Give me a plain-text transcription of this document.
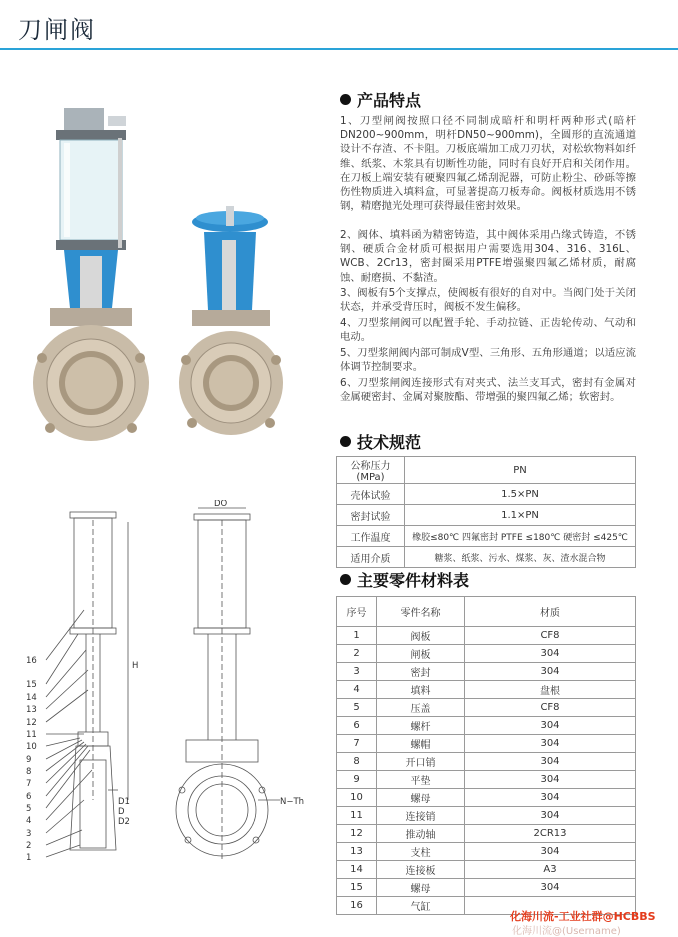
刀闸阀
16 15 14 13 12 11 10 9 8 7 6 5 4 3 2 1
DO
H
N−Th
D
D1
D2
产品特点
1、刀型闸阀按照口径不同制成暗杆和明杆两种形式(暗杆DN200~900mm，明杆DN50~900mm)，全圆形的直流通道设计不存渣、不卡阻。刀板底端加工成刀刃状，对松软物料如纤维、纸浆、木浆具有切断性功能，同时有良好开启和关闭作用。在刀板上端安装有硬聚四氟乙烯刮泥器，可防止粉尘、砂砾等擦伤性物质进入填料盒，可显著提高刀板寿命。阀板材质选用不锈钢，精磨抛光处理可获得最佳密封效果。
2、阀体、填料函为精密铸造，其中阀体采用凸缘式铸造，不锈钢、硬质合金材质可根据用户需要选用304、316、316L、WCB、2Cr13，密封圈采用PTFE增强聚四氟乙烯材质，耐腐蚀、耐磨损、不黏渣。
3、阀板有5个支撑点，使阀板有很好的自对中。当阀门处于关闭状态，并承受背压时，阀板不发生偏移。
4、刀型浆闸阀可以配置手轮、手动拉链、正齿轮传动、气动和电动。
5、刀型浆闸阀内部可制成V型、三角形、五角形通道；以适应流体调节控制要求。
6、刀型浆闸阀连接形式有对夹式、法兰支耳式，密封有金属对金属硬密封、金属对聚胺酯、带增强的聚四氟乙烯；软密封。
技术规范
公称压力(MPa)	PN
壳体试验	1.5×PN
密封试验	1.1×PN
工作温度	橡胶≤80℃ 四氟密封 PTFE ≤180℃ 硬密封 ≤425℃
适用介质	糖浆、纸浆、污水、煤浆、灰、渣水混合物
主要零件材料表
序号	零件名称	材质
1	阀板	CF8
2	闸板	304
3	密封	304
4	填料	盘根
5	压盖	CF8
6	螺杆	304
7	螺帽	304
8	开口销	304
9	平垫	304
10	螺母	304
11	连接销	304
12	推动轴	2CR13
13	支柱	304
14	连接板	A3
15	螺母	304
16	气缸	
化海川流-工业社群@HCBBS
化海川流@(Username)
